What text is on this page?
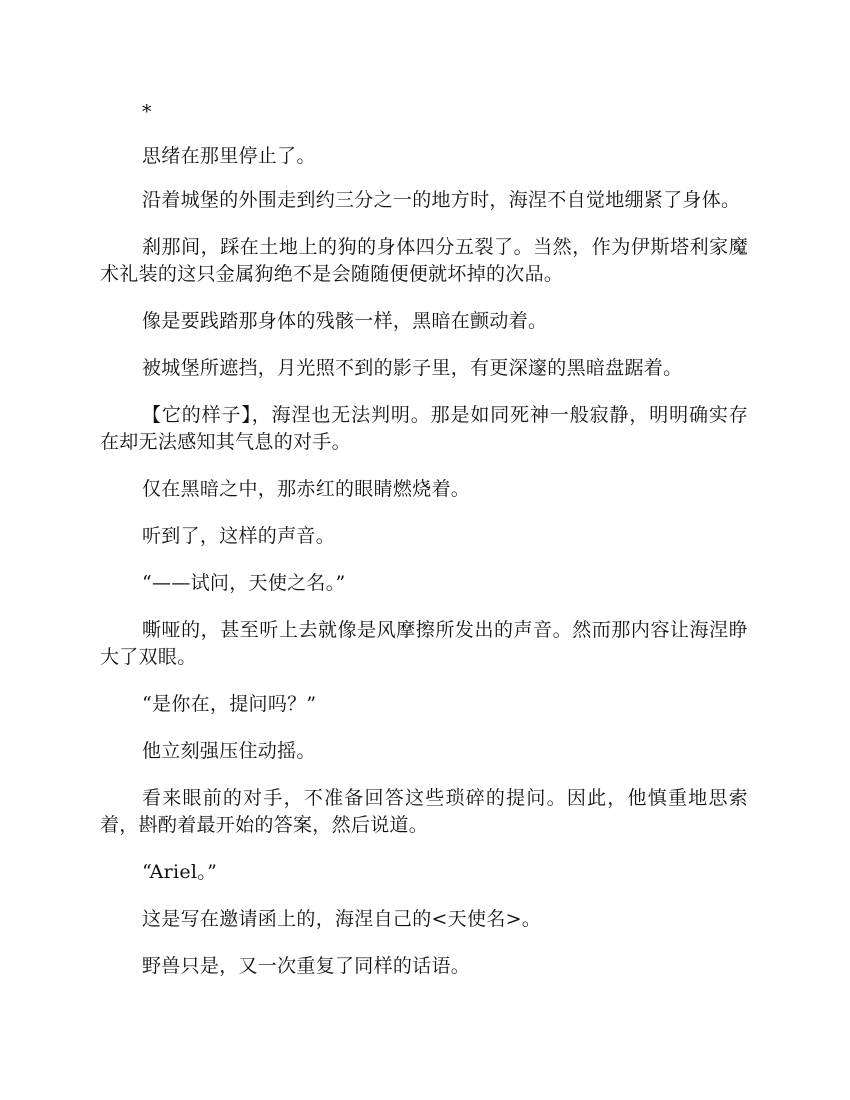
*

思绪在那里停止了。

沿着城堡的外围走到约三分之一的地方时，海涅不自觉地绷紧了身体。

刹那间，踩在土地上的狗的身体四分五裂了。当然，作为伊斯塔利家魔术礼装的这只金属狗绝不是会随随便便就坏掉的次品。

像是要践踏那身体的残骸一样，黑暗在颤动着。

被城堡所遮挡，月光照不到的影子里，有更深邃的黑暗盘踞着。

【它的样子】，海涅也无法判明。那是如同死神一般寂静，明明确实存在却无法感知其气息的对手。

仅在黑暗之中，那赤红的眼睛燃烧着。

听到了，这样的声音。

“——试问，天使之名。”

嘶哑的，甚至听上去就像是风摩擦所发出的声音。然而那内容让海涅睁大了双眼。

“是你在，提问吗？”

他立刻强压住动摇。

看来眼前的对手，不准备回答这些琐碎的提问。因此，他慎重地思索着，斟酌着最开始的答案，然后说道。

“Ariel。”

这是写在邀请函上的，海涅自己的<天使名>。

野兽只是，又一次重复了同样的话语。
